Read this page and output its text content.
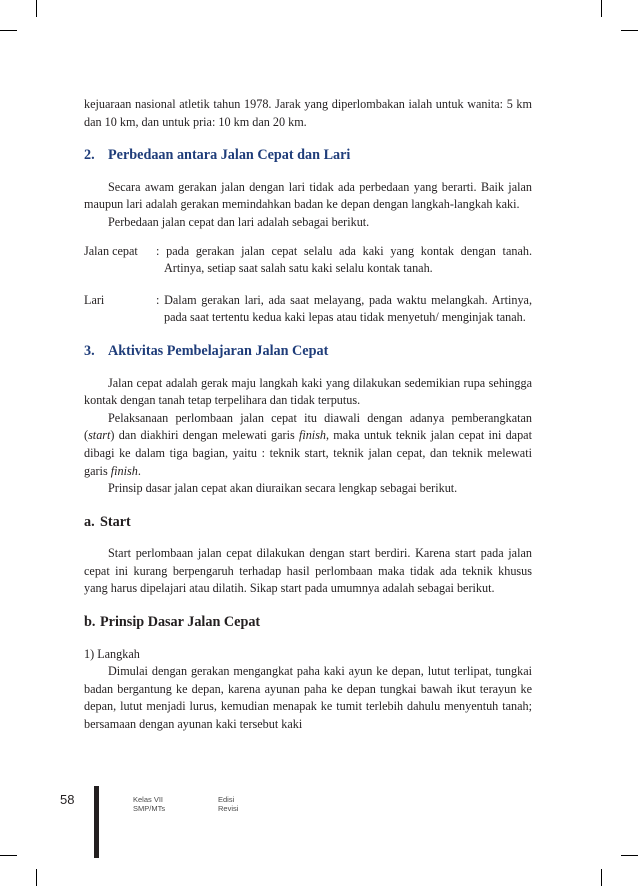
kejuaraan nasional atletik tahun 1978. Jarak yang diperlombakan ialah untuk wanita: 5 km dan 10 km, dan untuk pria: 10 km dan 20 km.

2. Perbedaan antara Jalan Cepat dan Lari

Secara awam gerakan jalan dengan lari tidak ada perbedaan yang berarti. Baik jalan maupun lari adalah gerakan memindahkan badan ke depan dengan langkah-langkah kaki.

Perbedaan jalan cepat dan lari adalah sebagai berikut.

Jalan cepat	: pada gerakan jalan cepat selalu ada kaki yang kontak dengan tanah. Artinya, setiap saat salah satu kaki selalu kontak tanah.
Lari	: Dalam gerakan lari, ada saat melayang, pada waktu melangkah. Artinya, pada saat tertentu kedua kaki lepas atau tidak menyetuh/ menginjak tanah.

3. Aktivitas Pembelajaran Jalan Cepat

Jalan cepat adalah gerak maju langkah kaki yang dilakukan sedemikian rupa sehingga kontak dengan tanah tetap terpelihara dan tidak terputus.

Pelaksanaan perlombaan jalan cepat itu diawali dengan adanya pemberangkatan (start) dan diakhiri dengan melewati garis finish, maka untuk teknik jalan cepat ini dapat dibagi ke dalam tiga bagian, yaitu : teknik start, teknik jalan cepat, dan teknik melewati garis finish.

Prinsip dasar jalan cepat akan diuraikan secara lengkap sebagai berikut.

a. Start

Start perlombaan jalan cepat dilakukan dengan start berdiri. Karena start pada jalan cepat ini kurang berpengaruh terhadap hasil perlombaan maka tidak ada teknik khusus yang harus dipelajari atau dilatih. Sikap start pada umumnya adalah sebagai berikut.

b. Prinsip Dasar Jalan Cepat

1) Langkah

Dimulai dengan gerakan mengangkat paha kaki ayun ke depan, lutut terlipat, tungkai badan bergantung ke depan, karena ayunan paha ke depan tungkai bawah ikut terayun ke depan, lutut menjadi lurus, kemudian menapak ke tumit terlebih dahulu menyentuh tanah; bersamaan dengan ayunan kaki tersebut kaki

58	Kelas VII SMP/MTs
Edisi Revisi
